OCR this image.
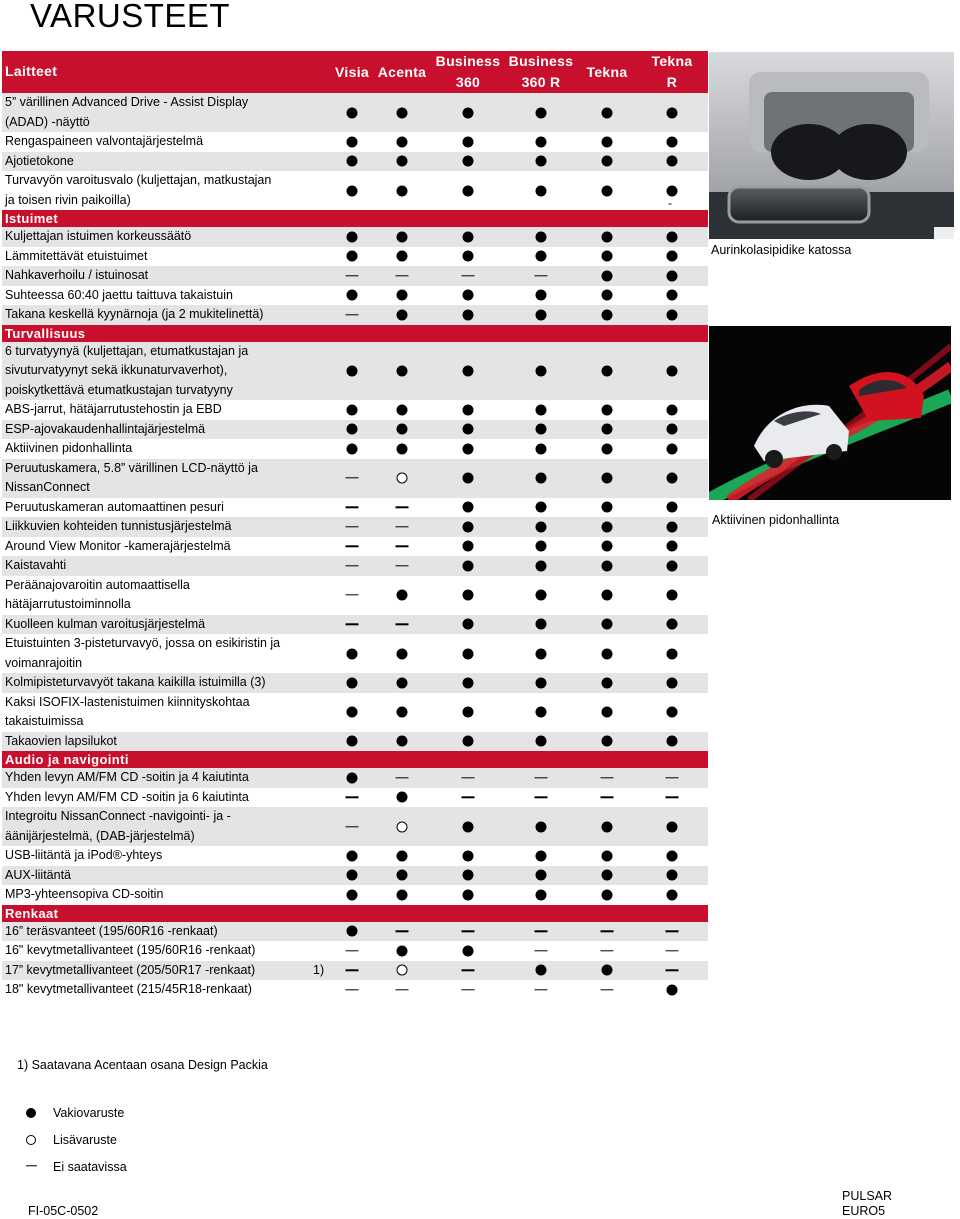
VARUSTEET
Laitteet	Visia Acenta
Business
360
Business
360 R
Tekna
Tekna R
5” värillinen Advanced Drive - Assist Display
(ADAD) -näyttö
Rengaspaineen valvontajärjestelmä
Ajotietokone
Turvavyön varoitusvalo (kuljettajan, matkustajan
ja toisen rivin paikoilla)
Istuimet
Kuljettajan istuimen korkeussäätö
Lämmitettävät etuistuimet
Nahkaverhoilu / istuinosat
Suhteessa 60:40 jaettu taittuva takaistuin
Takana keskellä kyynärnoja (ja 2 mukitelinettä)
Turvallisuus
6 turvatyynyä (kuljettajan, etumatkustajan ja
sivuturvatyynyt sekä ikkunaturvaverhot),
poiskytkettävä etumatkustajan turvatyyny
ABS-jarrut, hätäjarrutustehostin ja EBD
ESP-ajovakaudenhallintajärjestelmä
Aktiivinen pidonhallinta
Peruutuskamera, 5.8” värillinen LCD-näyttö ja
NissanConnect
Peruutuskameran automaattinen pesuri
Liikkuvien kohteiden tunnistusjärjestelmä
Around View Monitor -kamerajärjestelmä
Kaistavahti
Peräänajovaroitin automaattisella
hätäjarrutustoiminnolla
Kuolleen kulman varoitusjärjestelmä
Etuistuinten 3-pisteturvavyö, jossa on esikiristin ja
voimanrajoitin
Kolmipisteturvavyöt takana kaikilla istuimilla (3)
Kaksi ISOFIX-lastenistuimen kiinnityskohtaa
takaistuimissa
Takaovien lapsilukot
Audio ja navigointi
Yhden levyn AM/FM CD -soitin ja 4 kaiutinta
Yhden levyn AM/FM CD -soitin ja 6 kaiutinta
Integroitu NissanConnect -navigointi- ja -
äänijärjestelmä, (DAB-järjestelmä)
USB-liitäntä ja iPod®-yhteys
AUX-liitäntä
MP3-yhteensopiva CD-soitin
Renkaat
16” teräsvanteet (195/60R16 -renkaat)
16" kevytmetallivanteet (195/60R16 -renkaat)
17” kevytmetallivanteet (205/50R17 -renkaat)	1)
18" kevytmetallivanteet (215/45R18-renkaat)
-
Aurinkolasipidike katossa
Aktiivinen pidonhallinta
1) Saatavana Acentaan osana Design Packia
Vakiovaruste
Lisävaruste
Ei saatavissa
FI-05C-0502
PULSAR
EURO5
